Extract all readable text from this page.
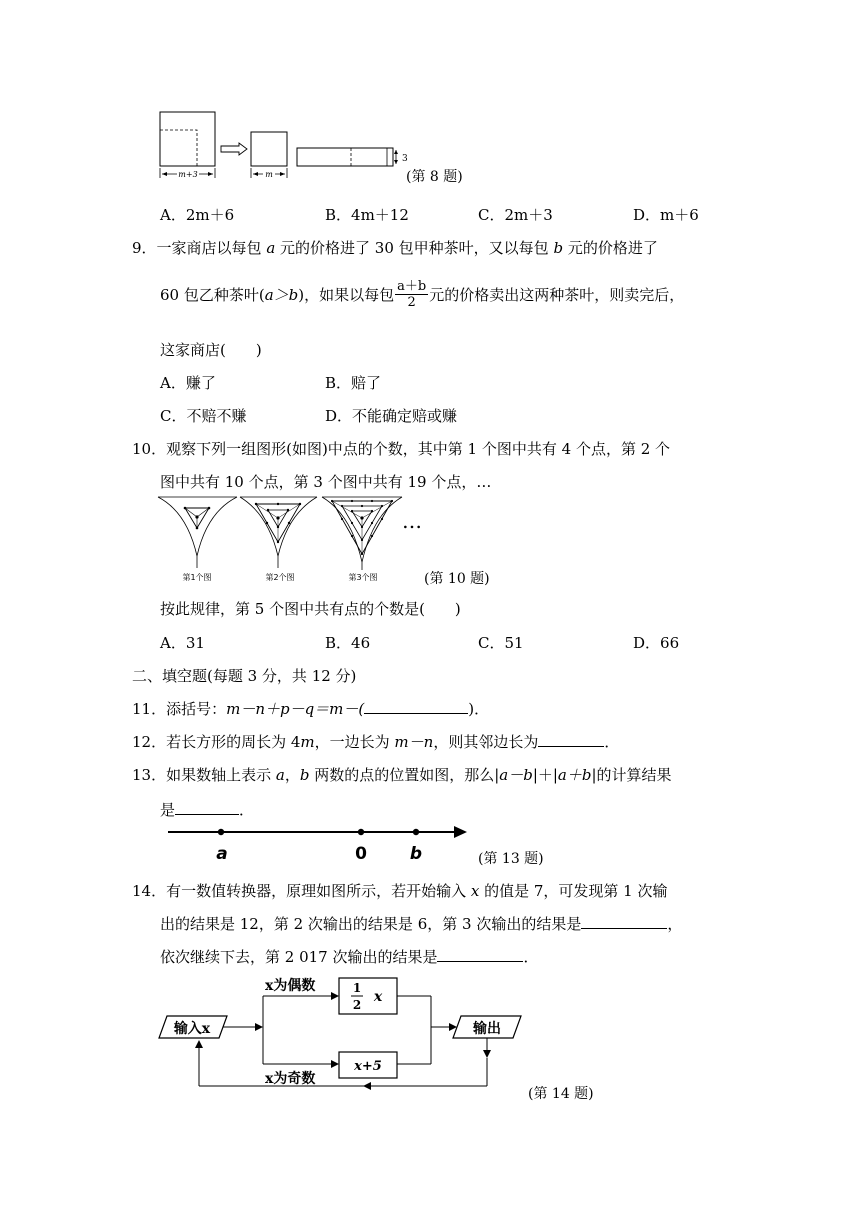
m+3	m
3
(第 8 题)
A．2m＋6	B．4m＋12	C．2m＋3	D．m＋6
9．一家商店以每包 a 元的价格进了 30 包甲种茶叶，又以每包 b 元的价格进了
60 包乙种茶叶(a＞b)，如果以每包 $\frac{a+b}{2}$ 元的价格卖出这两种茶叶，则卖完后，
这家商店(　　)
A．赚了	B．赔了
C．不赔不赚	D．不能确定赔或赚
10．观察下列一组图形(如图)中点的个数，其中第 1 个图中共有 4 个点，第 2 个
图中共有 10 个点，第 3 个图中共有 19 个点，…
第1个图	第2个图	第3个图
…
(第 10 题)
按此规律，第 5 个图中共有点的个数是(　　)
A．31	B．46	C．51	D．66
二、填空题(每题 3 分，共 12 分)
11．添括号：m－n＋p－q＝m－(	)．
12．若长方形的周长为 4m，一边长为 m－n，则其邻边长为	．
13．如果数轴上表示 a，b 两数的点的位置如图，那么|a－b|＋|a＋b|的计算结果
是	．
a	0	b	(第 13 题)
14．有一数值转换器，原理如图所示，若开始输入 x 的值是 7，可发现第 1 次输
出的结果是 12，第 2 次输出的结果是 6，第 3 次输出的结果是	，
依次继续下去，第 2 017 次输出的结果是	．
输入x
x为偶数
x为奇数
1
2 x
x+5
输出
(第 14 题)
